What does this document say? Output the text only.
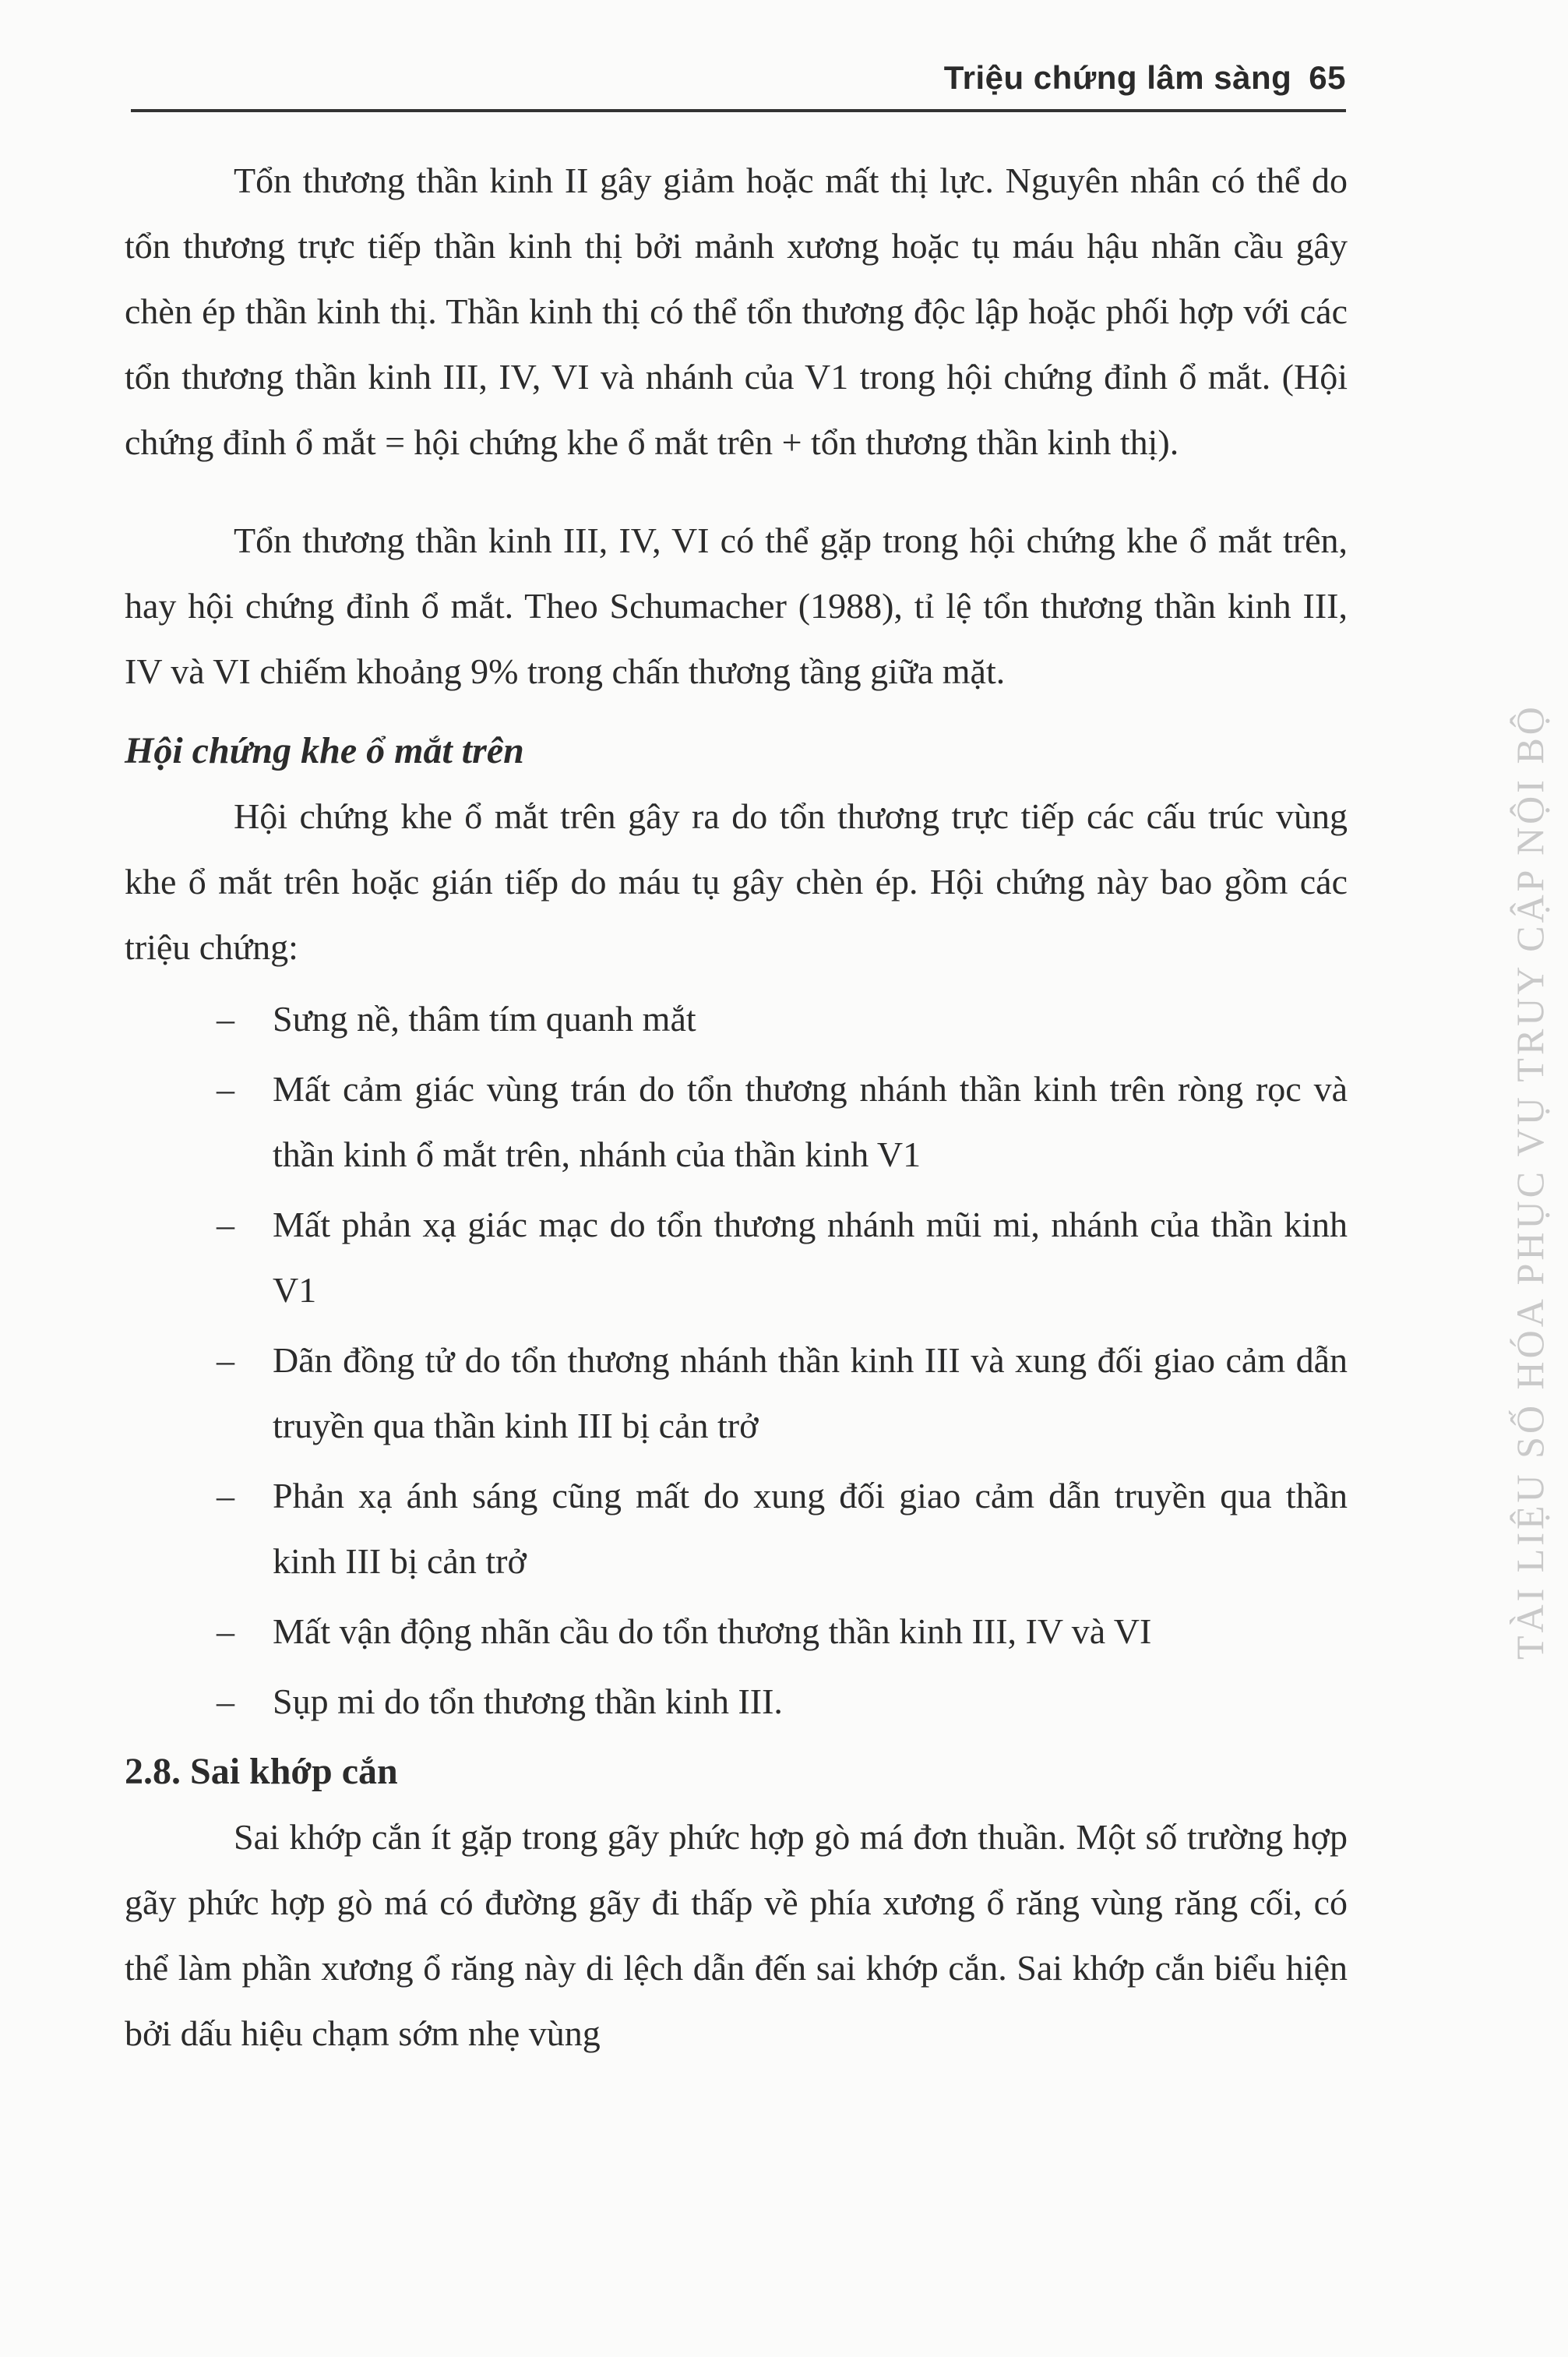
Triệu chứng lâm sàng 65

Tổn thương thần kinh II gây giảm hoặc mất thị lực. Nguyên nhân có thể do tổn thương trực tiếp thần kinh thị bởi mảnh xương hoặc tụ máu hậu nhãn cầu gây chèn ép thần kinh thị. Thần kinh thị có thể tổn thương độc lập hoặc phối hợp với các tổn thương thần kinh III, IV, VI và nhánh của V1 trong hội chứng đỉnh ổ mắt. (Hội chứng đỉnh ổ mắt = hội chứng khe ổ mắt trên + tổn thương thần kinh thị).

Tổn thương thần kinh III, IV, VI có thể gặp trong hội chứng khe ổ mắt trên, hay hội chứng đỉnh ổ mắt. Theo Schumacher (1988), tỉ lệ tổn thương thần kinh III, IV và VI chiếm khoảng 9% trong chấn thương tầng giữa mặt.

Hội chứng khe ổ mắt trên

Hội chứng khe ổ mắt trên gây ra do tổn thương trực tiếp các cấu trúc vùng khe ổ mắt trên hoặc gián tiếp do máu tụ gây chèn ép. Hội chứng này bao gồm các triệu chứng:

– Sưng nề, thâm tím quanh mắt
– Mất cảm giác vùng trán do tổn thương nhánh thần kinh trên ròng rọc và thần kinh ổ mắt trên, nhánh của thần kinh V1
– Mất phản xạ giác mạc do tổn thương nhánh mũi mi, nhánh của thần kinh V1
– Dãn đồng tử do tổn thương nhánh thần kinh III và xung đối giao cảm dẫn truyền qua thần kinh III bị cản trở
– Phản xạ ánh sáng cũng mất do xung đối giao cảm dẫn truyền qua thần kinh III bị cản trở
– Mất vận động nhãn cầu do tổn thương thần kinh III, IV và VI
– Sụp mi do tổn thương thần kinh III.
2.8. Sai khớp cắn

Sai khớp cắn ít gặp trong gãy phức hợp gò má đơn thuần. Một số trường hợp gãy phức hợp gò má có đường gãy đi thấp về phía xương ổ răng vùng răng cối, có thể làm phần xương ổ răng này di lệch dẫn đến sai khớp cắn. Sai khớp cắn biểu hiện bởi dấu hiệu chạm sớm nhẹ vùng

TÀI LIỆU SỐ HÓA PHỤC VỤ TRUY CẬP NỘI BỘ
